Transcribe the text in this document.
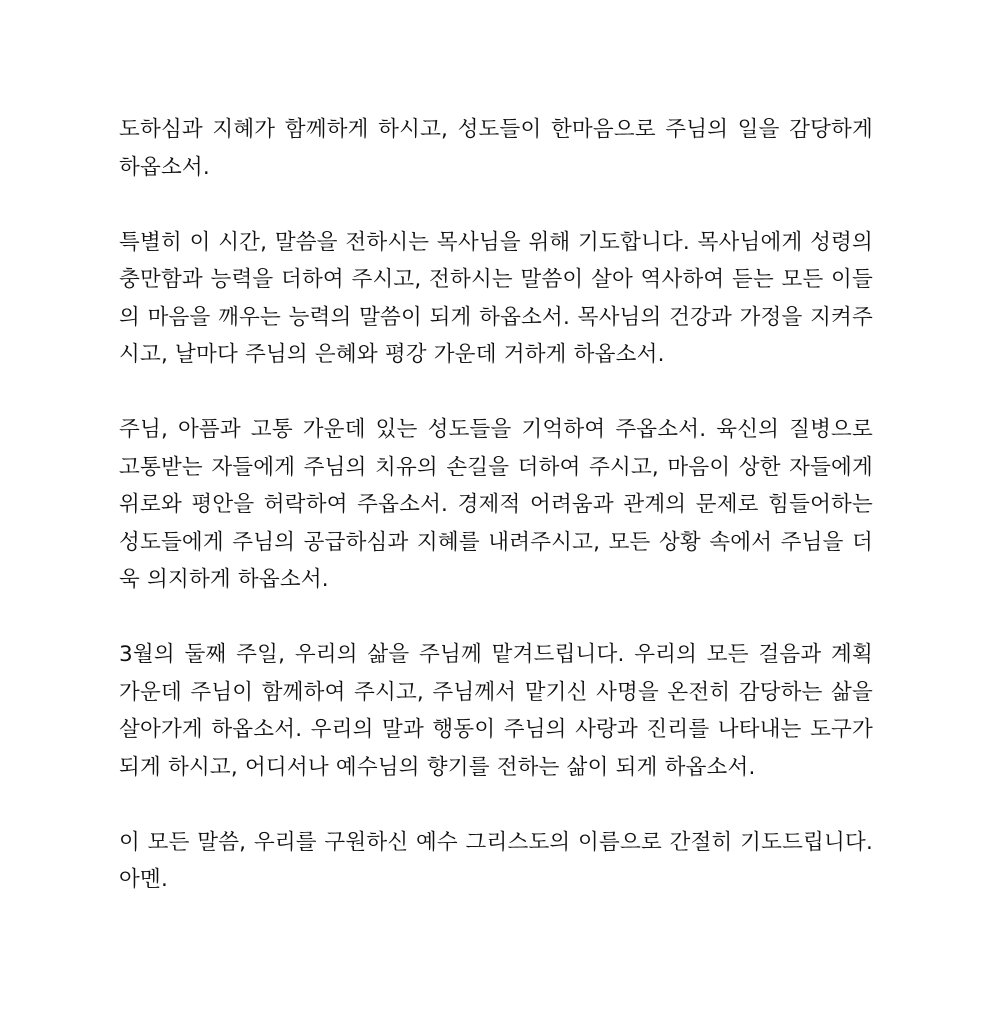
도하심과 지혜가 함께하게 하시고, 성도들이 한마음으로 주님의 일을 감당하게 하옵소서.

특별히 이 시간, 말씀을 전하시는 목사님을 위해 기도합니다. 목사님에게 성령의 충만함과 능력을 더하여 주시고, 전하시는 말씀이 살아 역사하여 듣는 모든 이들의 마음을 깨우는 능력의 말씀이 되게 하옵소서. 목사님의 건강과 가정을 지켜주시고, 날마다 주님의 은혜와 평강 가운데 거하게 하옵소서.

주님, 아픔과 고통 가운데 있는 성도들을 기억하여 주옵소서. 육신의 질병으로 고통받는 자들에게 주님의 치유의 손길을 더하여 주시고, 마음이 상한 자들에게 위로와 평안을 허락하여 주옵소서. 경제적 어려움과 관계의 문제로 힘들어하는 성도들에게 주님의 공급하심과 지혜를 내려주시고, 모든 상황 속에서 주님을 더욱 의지하게 하옵소서.

3월의 둘째 주일, 우리의 삶을 주님께 맡겨드립니다. 우리의 모든 걸음과 계획 가운데 주님이 함께하여 주시고, 주님께서 맡기신 사명을 온전히 감당하는 삶을 살아가게 하옵소서. 우리의 말과 행동이 주님의 사랑과 진리를 나타내는 도구가 되게 하시고, 어디서나 예수님의 향기를 전하는 삶이 되게 하옵소서.

이 모든 말씀, 우리를 구원하신 예수 그리스도의 이름으로 간절히 기도드립니다. 아멘.
